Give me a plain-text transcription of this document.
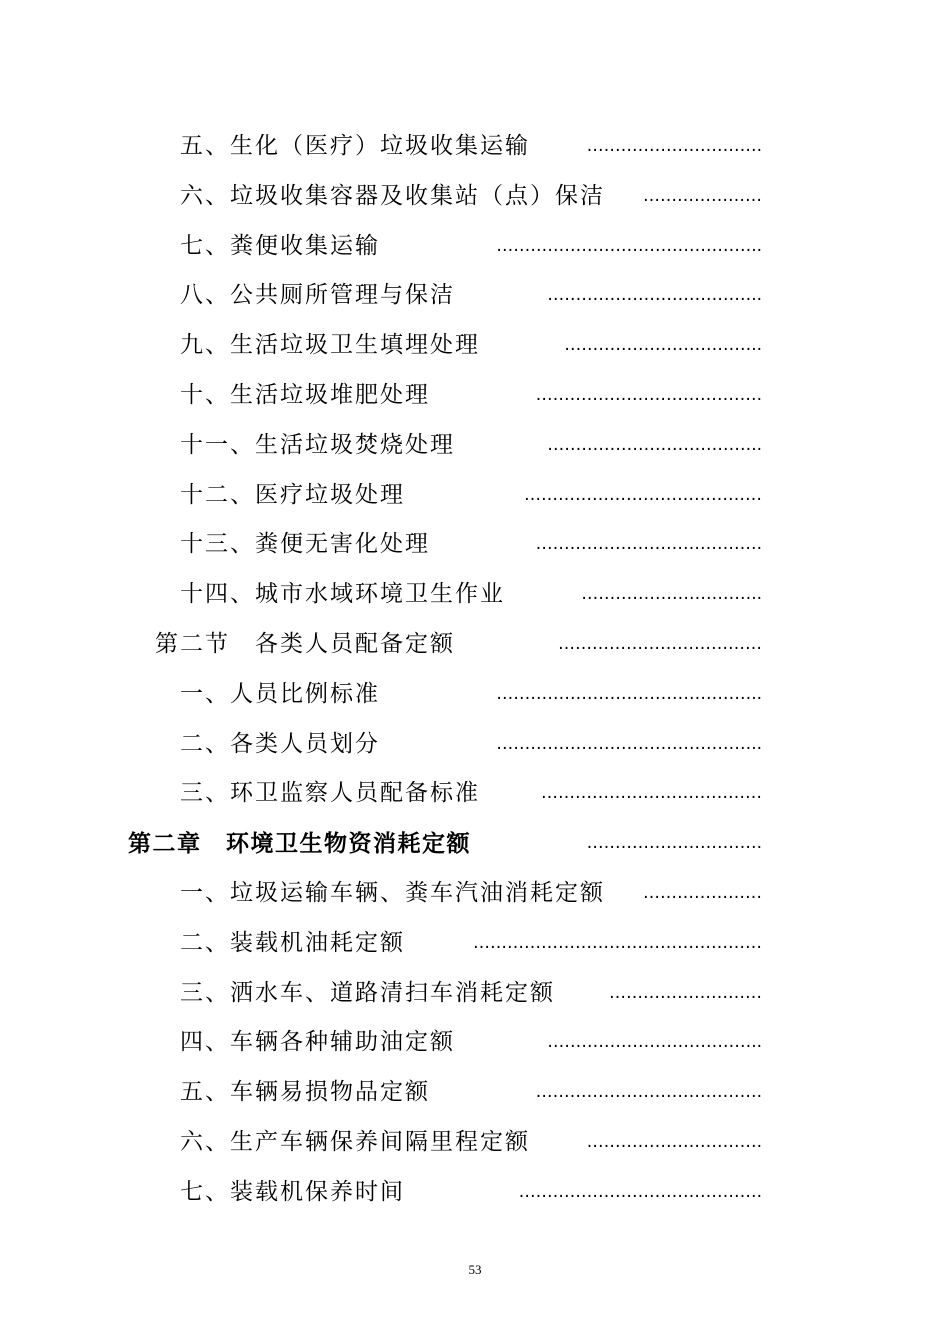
五、生化（医疗）垃圾收集运输	………………………….
六、垃圾收集容器及收集站（点）保洁 …………………
七、粪便收集运输	………………………………………..
八、公共厕所管理与保洁	………………………………..
九、生活垃圾卫生填埋处理	……………………………..
十、生活垃圾堆肥处理	………………………………….
十一、生活垃圾焚烧处理	………………………………..
十二、医疗垃圾处理	……………………………………
十三、粪便无害化处理	………………………………….
十四、城市水域环境卫生作业	…………………………..
第二节　各类人员配备定额	………………………………
一、人员比例标准	………………………………………..
二、各类人员划分	………………………………………..
三、环卫监察人员配备标准	…………………………………
第二章　环境卫生物资消耗定额	………………………….
一、垃圾运输车辆、粪车汽油消耗定额 …………………
二、装载机油耗定额	……………………………………………
三、洒水车、道路清扫车消耗定额	………………………
四、车辆各种辅助油定额	………………………………..
五、车辆易损物品定额	………………………………….
六、生产车辆保养间隔里程定额	………………………….
七、装载机保养时间	…………………………………….
53
